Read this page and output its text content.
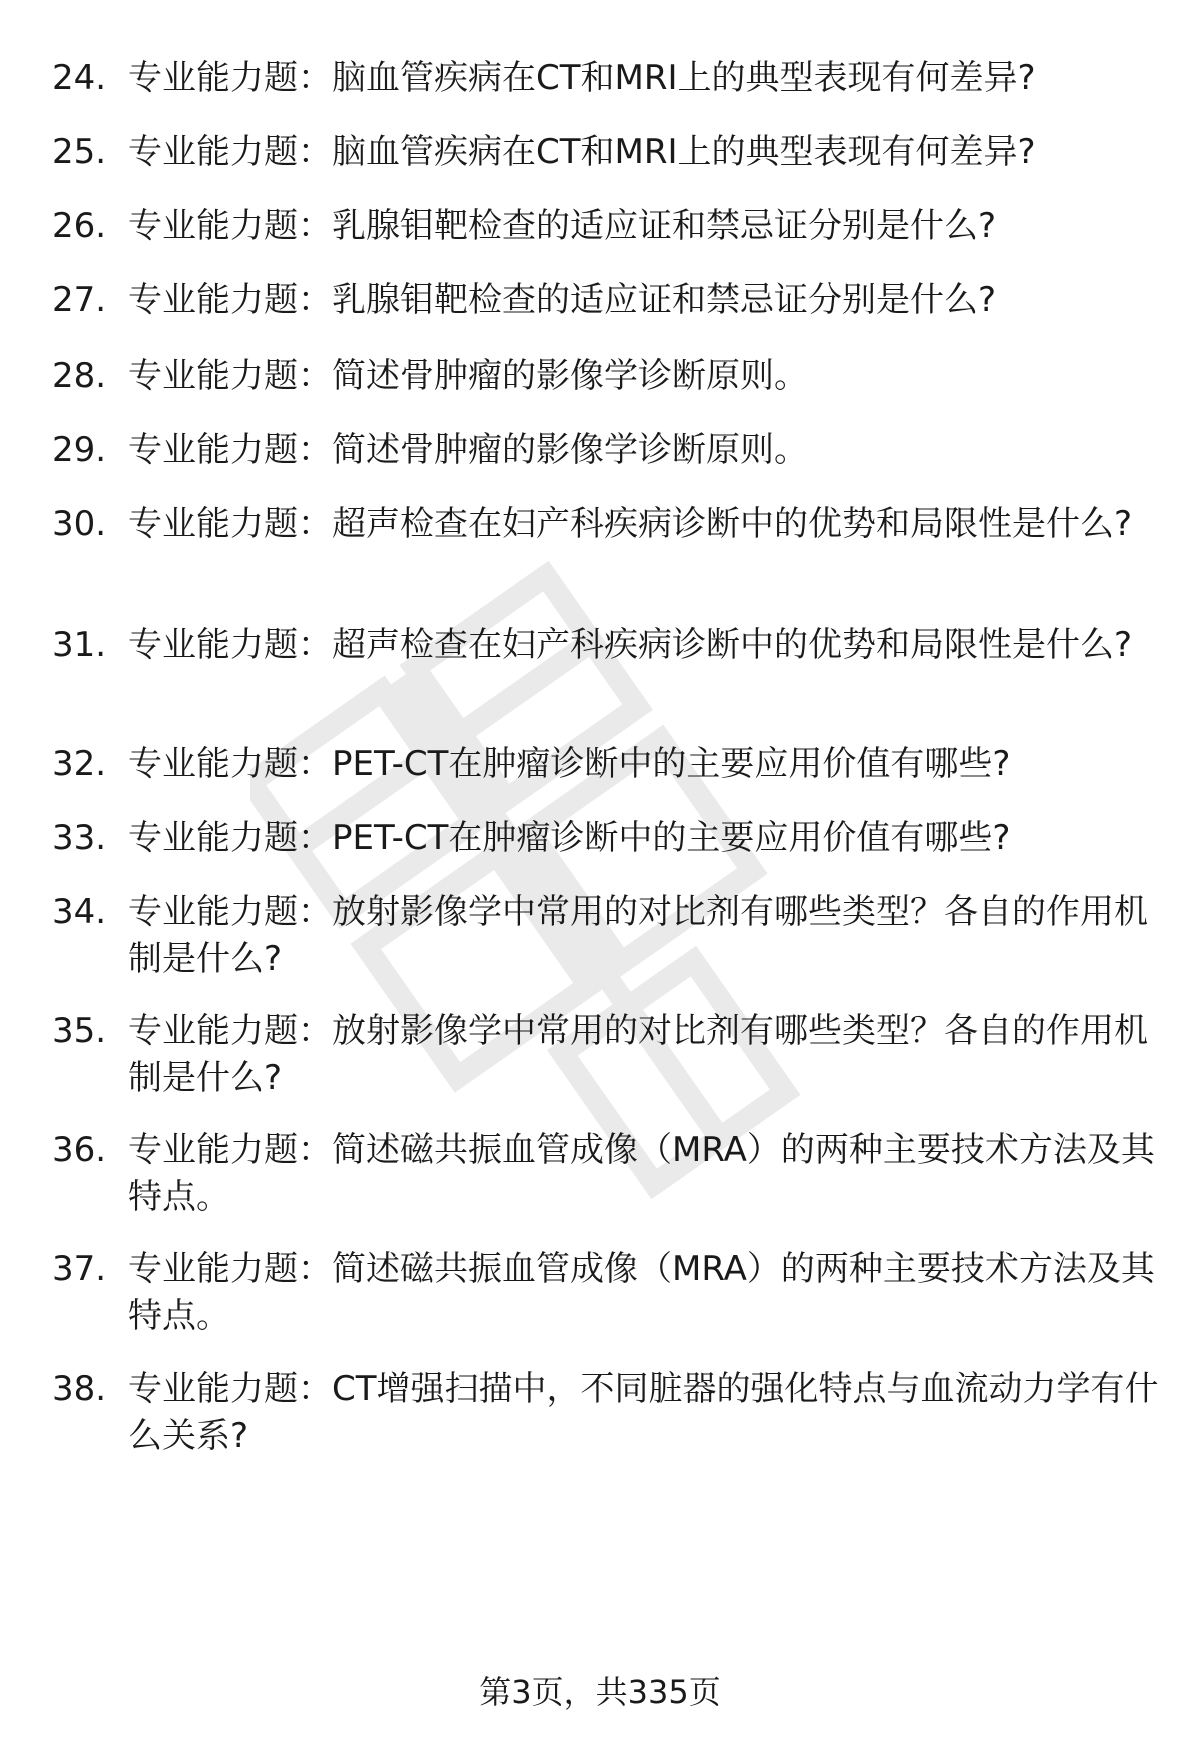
24. 专业能力题：脑血管疾病在CT和MRI上的典型表现有何差异?
25. 专业能力题：脑血管疾病在CT和MRI上的典型表现有何差异?
26. 专业能力题：乳腺钼靶检查的适应证和禁忌证分别是什么?
27. 专业能力题：乳腺钼靶检查的适应证和禁忌证分别是什么?
28. 专业能力题：简述骨肿瘤的影像学诊断原则。
29. 专业能力题：简述骨肿瘤的影像学诊断原则。
30. 专业能力题：超声检查在妇产科疾病诊断中的优势和局限性是什么?
31. 专业能力题：超声检查在妇产科疾病诊断中的优势和局限性是什么?
32. 专业能力题：PET-CT在肿瘤诊断中的主要应用价值有哪些?
33. 专业能力题：PET-CT在肿瘤诊断中的主要应用价值有哪些?
34. 专业能力题：放射影像学中常用的对比剂有哪些类型？各自的作用机制是什么?
35. 专业能力题：放射影像学中常用的对比剂有哪些类型？各自的作用机制是什么?
36. 专业能力题：简述磁共振血管成像（MRA）的两种主要技术方法及其特点。
37. 专业能力题：简述磁共振血管成像（MRA）的两种主要技术方法及其特点。
38. 专业能力题：CT增强扫描中，不同脏器的强化特点与血流动力学有什么关系?
第3页，共335页
